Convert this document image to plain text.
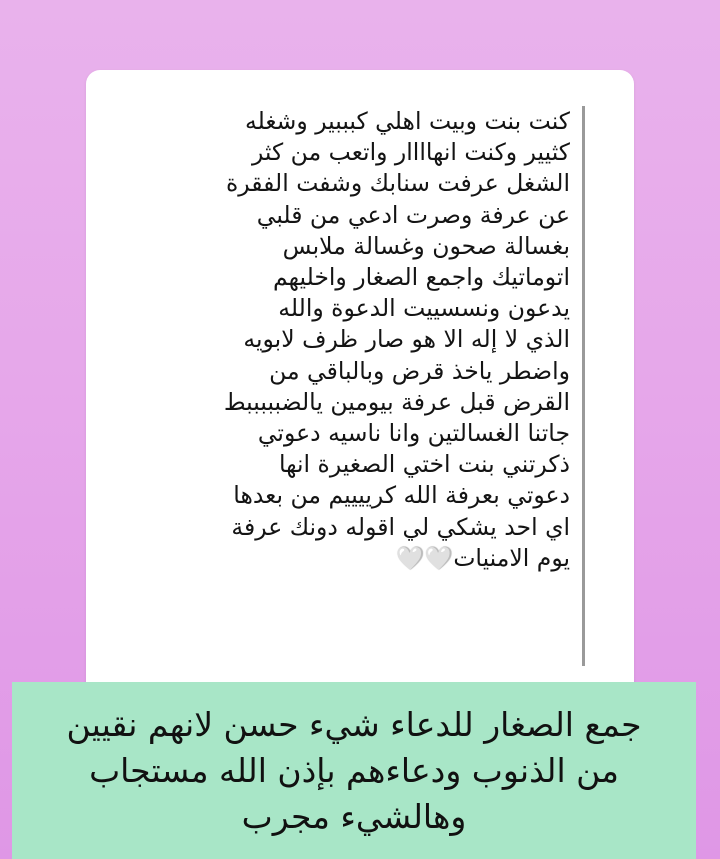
كنت بنت وبيت اهلي كبببير وشغله
كثيير وكنت انهاااار واتعب من كثر
الشغل عرفت سنابك وشفت الفقرة
عن عرفة وصرت ادعي من قلبي
بغسالة صحون وغسالة ملابس
اتوماتيك واجمع الصغار واخليهم
يدعون ونسسييت الدعوة والله
الذي لا إله الا هو صار ظرف لابويه
واضطر ياخذ قرض وبالباقي من
القرض قبل عرفة بيومين يالضبببببط
جاتنا الغسالتين وانا ناسيه دعوتي
ذكرتني بنت اختي الصغيرة انها
دعوتي بعرفة الله كرييييم من بعدها
اي احد يشكي لي اقوله دونك عرفة
يوم الامنيات🤍🤍
جمع الصغار للدعاء شيء حسن لانهم نقيين
من الذنوب ودعاءهم بإذن الله مستجاب
وهالشيء مجرب
